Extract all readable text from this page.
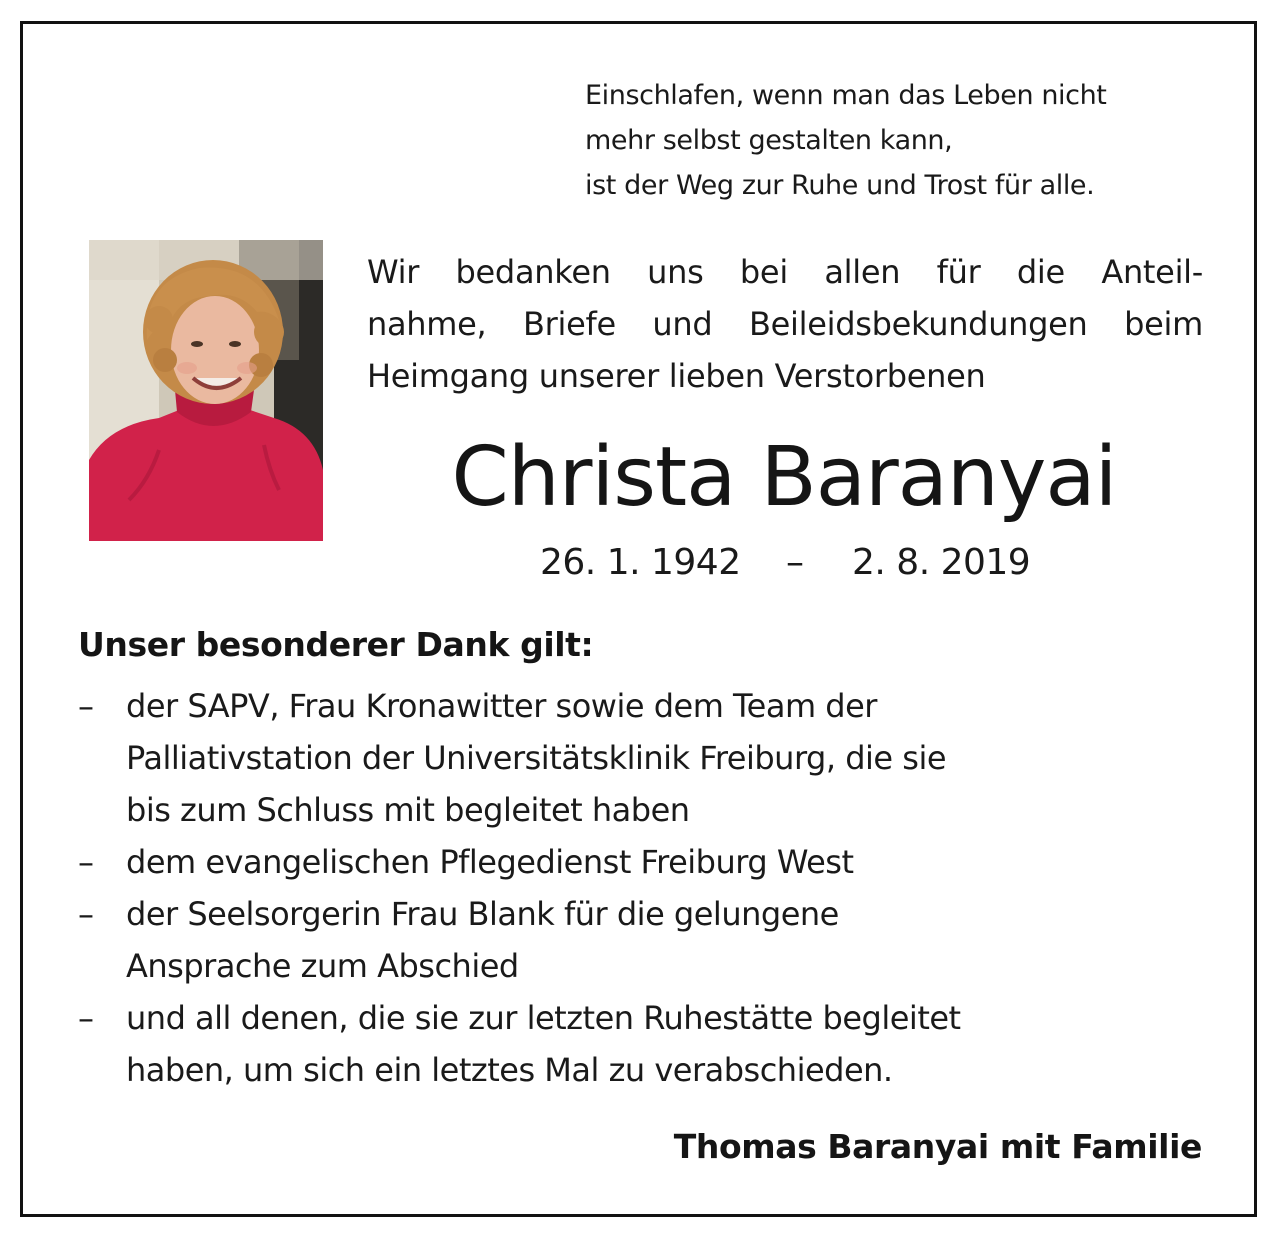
Einschlafen, wenn man das Leben nicht
mehr selbst gestalten kann,
ist der Weg zur Ruhe und Trost für alle.
Wir bedanken uns bei allen für die Anteil-
nahme, Briefe und Beileidsbekundungen beim
Heimgang unserer lieben Verstorbenen
Christa Baranyai
26. 1. 1942 – 2. 8. 2019
Unser besonderer Dank gilt:
– der SAPV, Frau Kronawitter sowie dem Team der
Palliativstation der Universitätsklinik Freiburg, die sie
bis zum Schluss mit begleitet haben
– dem evangelischen Pflegedienst Freiburg West
– der Seelsorgerin Frau Blank für die gelungene
Ansprache zum Abschied
– und all denen, die sie zur letzten Ruhestätte begleitet
haben, um sich ein letztes Mal zu verabschieden.
Thomas Baranyai mit Familie
